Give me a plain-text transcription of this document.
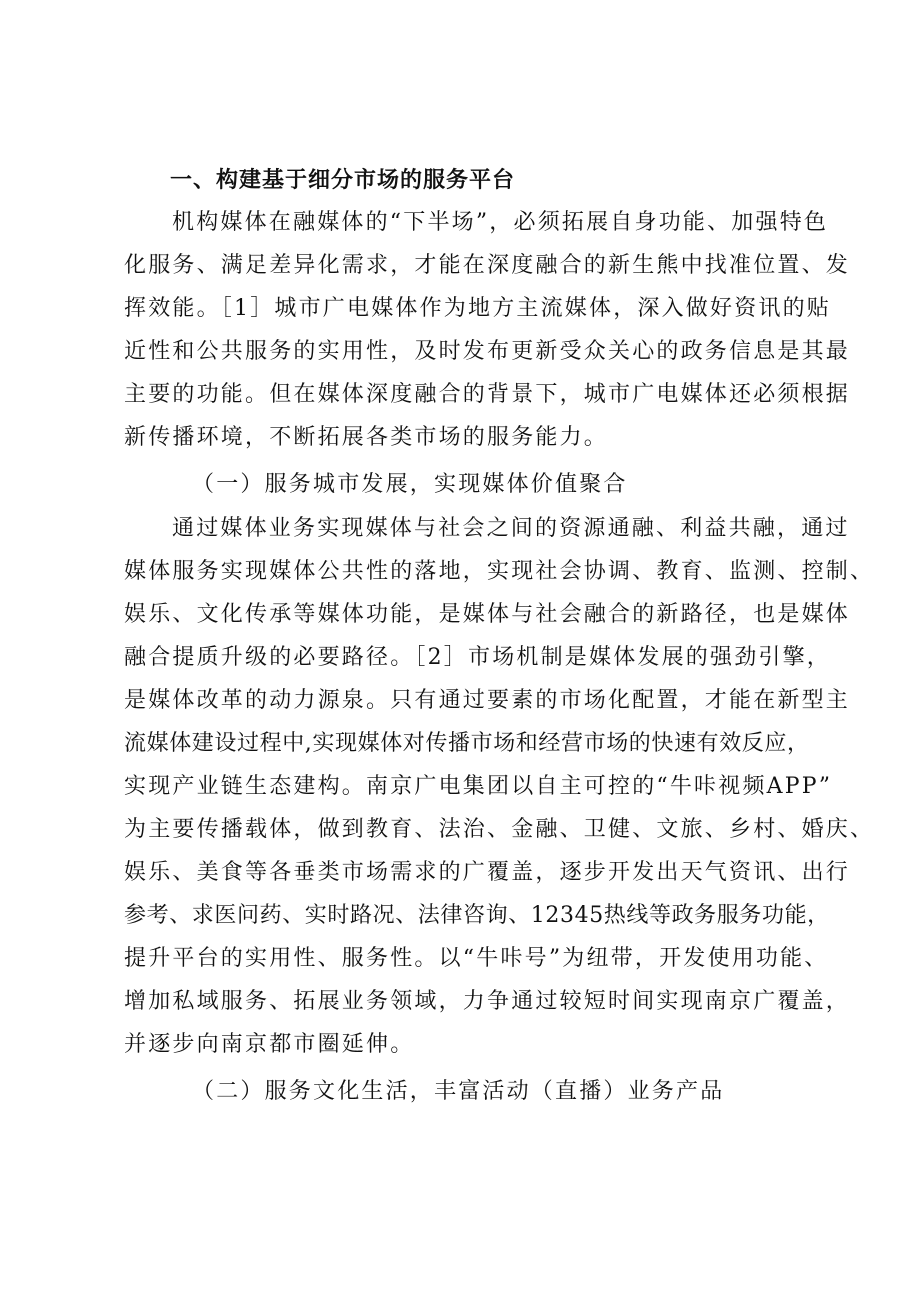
一、构建基于细分市场的服务平台
机构媒体在融媒体的“下半场”，必须拓展自身功能、加强特色
化服务、满足差异化需求，才能在深度融合的新生熊中找准位置、发
挥效能。［1］城市广电媒体作为地方主流媒体，深入做好资讯的贴
近性和公共服务的实用性，及时发布更新受众关心的政务信息是其最
主要的功能。但在媒体深度融合的背景下，城市广电媒体还必须根据
新传播环境，不断拓展各类市场的服务能力。
（一）服务城市发展，实现媒体价值聚合
通过媒体业务实现媒体与社会之间的资源通融、利益共融，通过
媒体服务实现媒体公共性的落地，实现社会协调、教育、监测、控制、
娱乐、文化传承等媒体功能，是媒体与社会融合的新路径，也是媒体
融合提质升级的必要路径。［2］市场机制是媒体发展的强劲引擎，
是媒体改革的动力源泉。只有通过要素的市场化配置，才能在新型主
流媒体建设过程中,实现媒体对传播市场和经营市场的快速有效反应，
实现产业链生态建构。南京广电集团以自主可控的“牛咔视频APP”
为主要传播载体，做到教育、法治、金融、卫健、文旅、乡村、婚庆、
娱乐、美食等各垂类市场需求的广覆盖，逐步开发出天气资讯、出行
参考、求医问药、实时路况、法律咨询、12345热线等政务服务功能，
提升平台的实用性、服务性。以“牛咔号”为纽带，开发使用功能、
增加私域服务、拓展业务领域，力争通过较短时间实现南京广覆盖，
并逐步向南京都市圈延伸。
（二）服务文化生活，丰富活动（直播）业务产品
